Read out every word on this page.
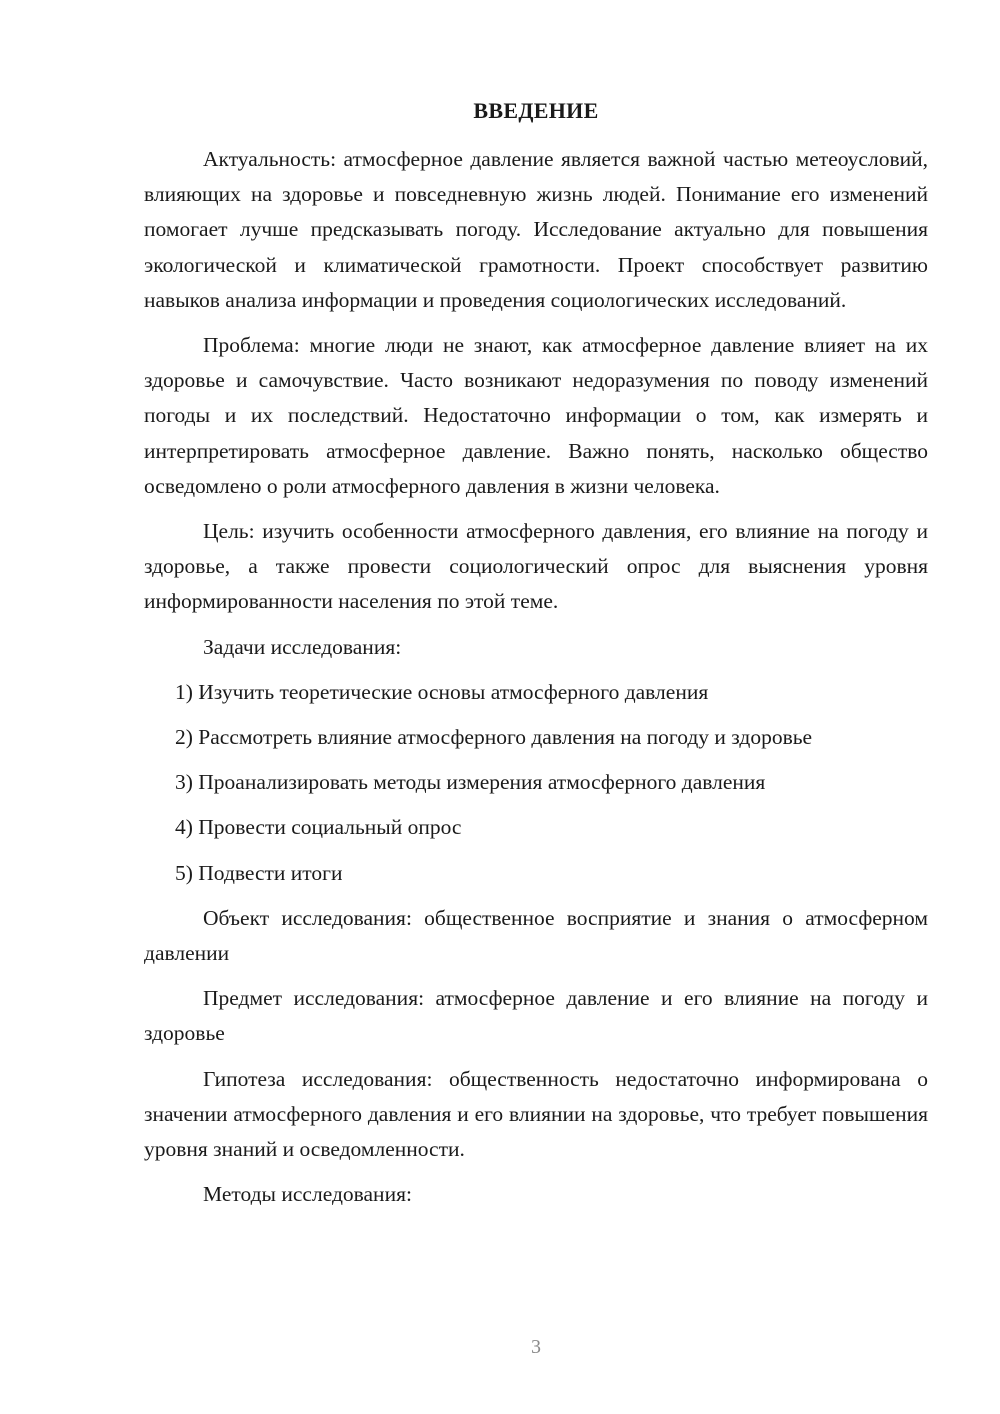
ВВЕДЕНИЕ

Актуальность: атмосферное давление является важной частью метеоусловий, влияющих на здоровье и повседневную жизнь людей. Понимание его изменений помогает лучше предсказывать погоду. Исследование актуально для повышения экологической и климатической грамотности. Проект способствует развитию навыков анализа информации и проведения социологических исследований.

Проблема: многие люди не знают, как атмосферное давление влияет на их здоровье и самочувствие. Часто возникают недоразумения по поводу изменений погоды и их последствий. Недостаточно информации о том, как измерять и интерпретировать атмосферное давление. Важно понять, насколько общество осведомлено о роли атмосферного давления в жизни человека.

Цель: изучить особенности атмосферного давления, его влияние на погоду и здоровье, а также провести социологический опрос для выяснения уровня информированности населения по этой теме.

Задачи исследования:

1) Изучить теоретические основы атмосферного давления

2) Рассмотреть влияние атмосферного давления на погоду и здоровье

3) Проанализировать методы измерения атмосферного давления

4) Провести социальный опрос

5) Подвести итоги

Объект исследования: общественное восприятие и знания о атмосферном давлении

Предмет исследования: атмосферное давление и его влияние на погоду и здоровье

Гипотеза исследования: общественность недостаточно информирована о значении атмосферного давления и его влиянии на здоровье, что требует повышения уровня знаний и осведомленности.

Методы исследования:

3
